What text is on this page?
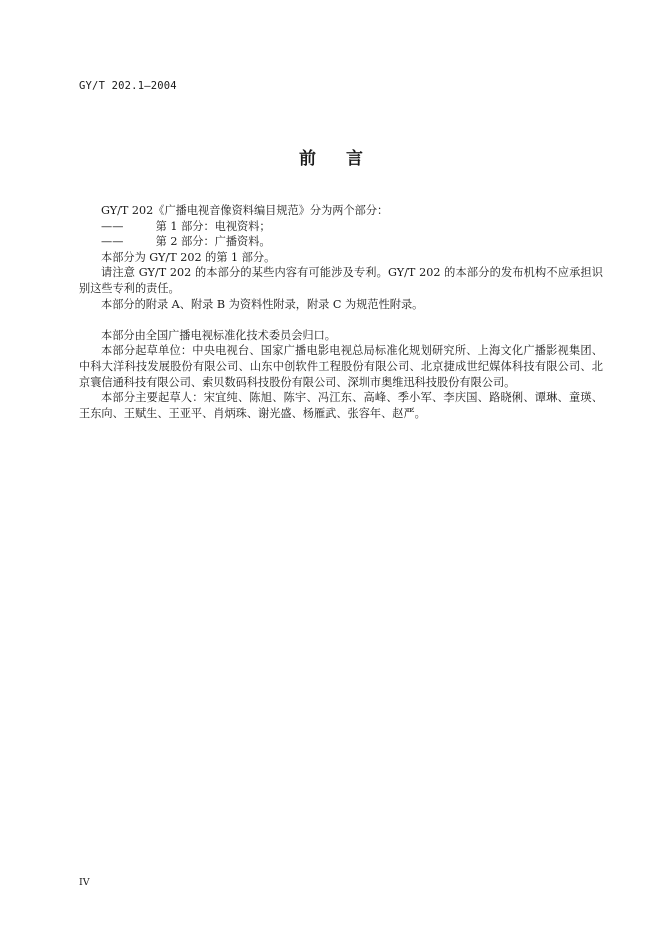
GY/T 202.1—2004
前 言

GY/T 202《广播电视音像资料编目规范》分为两个部分：

——	第 1 部分：电视资料；

——	第 2 部分：广播资料。

本部分为 GY/T 202 的第 1 部分。

请注意 GY/T 202 的本部分的某些内容有可能涉及专利。GY/T 202 的本部分的发布机构不应承担识别这些专利的责任。

本部分的附录 A、附录 B 为资料性附录，附录 C 为规范性附录。

本部分由全国广播电视标准化技术委员会归口。

本部分起草单位：中央电视台、国家广播电影电视总局标准化规划研究所、上海文化广播影视集团、中科大洋科技发展股份有限公司、山东中创软件工程股份有限公司、北京捷成世纪媒体科技有限公司、北京寰信通科技有限公司、索贝数码科技股份有限公司、深圳市奥维迅科技股份有限公司。

本部分主要起草人：宋宜纯、陈旭、陈宇、冯江东、高峰、季小军、李庆国、路晓俐、谭琳、童瑛、王东向、王赋生、王亚平、肖炳珠、谢光盛、杨雁武、张容年、赵严。

IV
